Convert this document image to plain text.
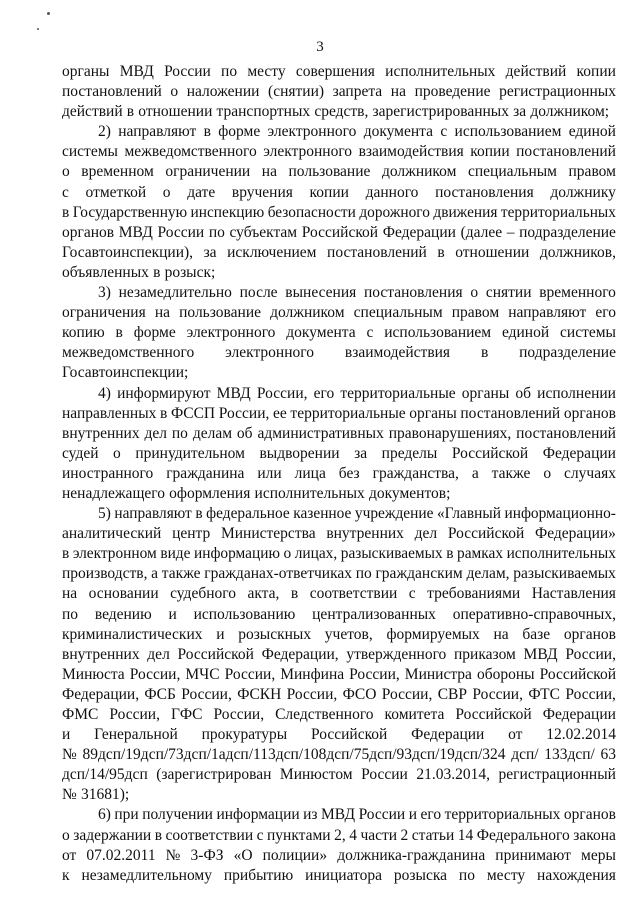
3
органы МВД России по месту совершения исполнительных действий копии
постановлений о наложении (снятии) запрета на проведение регистрационных
действий в отношении транспортных средств, зарегистрированных за должником;
2) направляют в форме электронного документа с использованием единой
системы межведомственного электронного взаимодействия копии постановлений
о временном ограничении на пользование должником специальным правом
с отметкой о дате вручения копии данного постановления должнику
в Государственную инспекцию безопасности дорожного движения территориальных
органов МВД России по субъектам Российской Федерации (далее – подразделение
Госавтоинспекции), за исключением постановлений в отношении должников,
объявленных в розыск;
3) незамедлительно после вынесения постановления о снятии временного
ограничения на пользование должником специальным правом направляют его
копию в форме электронного документа с использованием единой системы
межведомственного электронного взаимодействия в подразделение
Госавтоинспекции;
4) информируют МВД России, его территориальные органы об исполнении
направленных в ФССП России, ее территориальные органы постановлений органов
внутренних дел по делам об административных правонарушениях, постановлений
судей о принудительном выдворении за пределы Российской Федерации
иностранного гражданина или лица без гражданства, а также о случаях
ненадлежащего оформления исполнительных документов;
5) направляют в федеральное казенное учреждение «Главный информационно-
аналитический центр Министерства внутренних дел Российской Федерации»
в электронном виде информацию о лицах, разыскиваемых в рамках исполнительных
производств, а также гражданах-ответчиках по гражданским делам, разыскиваемых
на основании судебного акта, в соответствии с требованиями Наставления
по ведению и использованию централизованных оперативно-справочных,
криминалистических и розыскных учетов, формируемых на базе органов
внутренних дел Российской Федерации, утвержденного приказом МВД России,
Минюста России, МЧС России, Минфина России, Министра обороны Российской
Федерации, ФСБ России, ФСКН России, ФСО России, СВР России, ФТС России,
ФМС России, ГФС России, Следственного комитета Российской Федерации
и Генеральной прокуратуры Российской Федерации от 12.02.2014
№ 89дсп/19дсп/73дсп/1адсп/113дсп/108дсп/75дсп/93дсп/19дсп/324 дсп/ 133дсп/ 63
дсп/14/95дсп (зарегистрирован Минюстом России 21.03.2014, регистрационный
№ 31681);
6) при получении информации из МВД России и его территориальных органов
о задержании в соответствии с пунктами 2, 4 части 2 статьи 14 Федерального закона
от 07.02.2011 № 3-ФЗ «О полиции» должника-гражданина принимают меры
к незамедлительному прибытию инициатора розыска по месту нахождения
